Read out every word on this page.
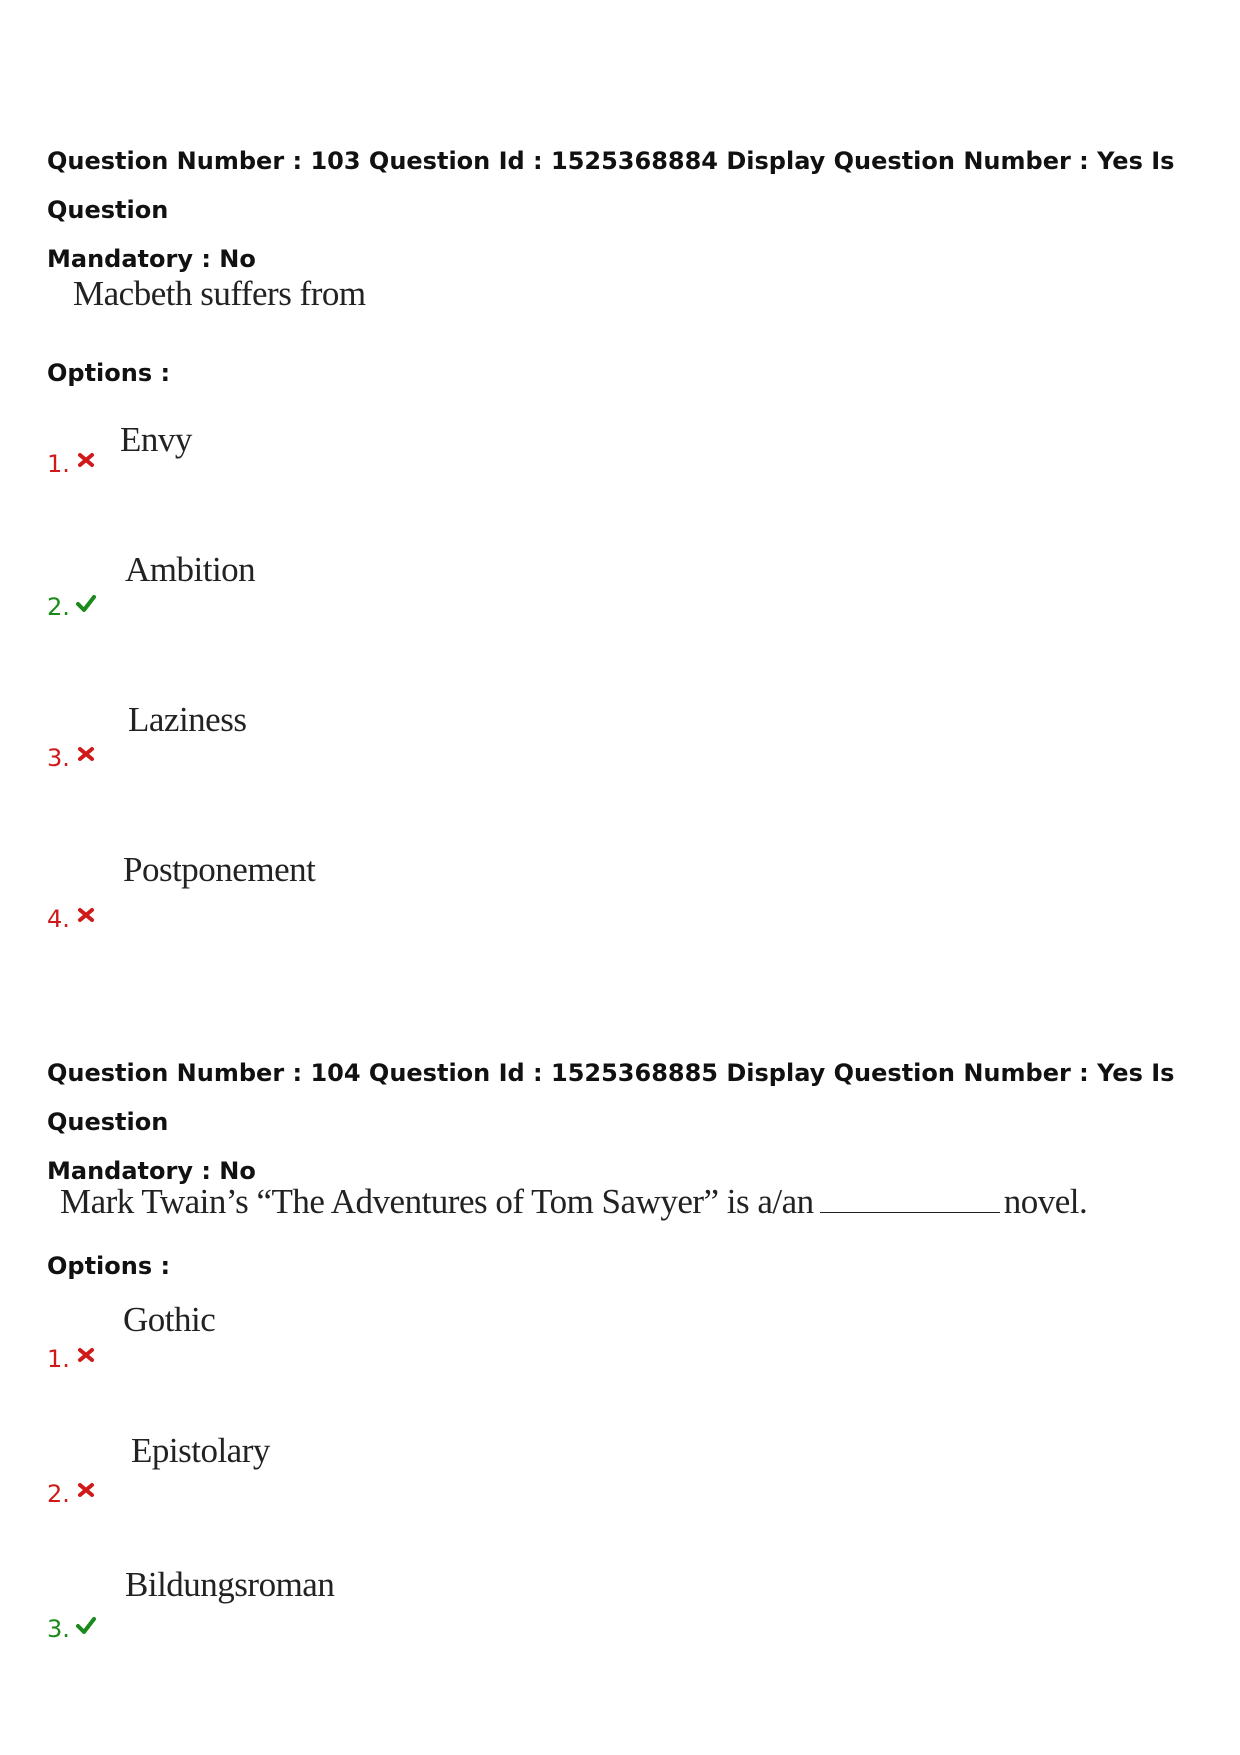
Question Number : 103 Question Id : 1525368884 Display Question Number : Yes Is Question
Mandatory : No

Macbeth suffers from
Options :
1.
Envy
2.
Ambition
3.
Laziness
4.
Postponement

Question Number : 104 Question Id : 1525368885 Display Question Number : Yes Is Question
Mandatory : No

Mark Twain’s “The Adventures of Tom Sawyer” is a/an	novel.
Options :
1.
Gothic
2.
Epistolary
3.
Bildungsroman
